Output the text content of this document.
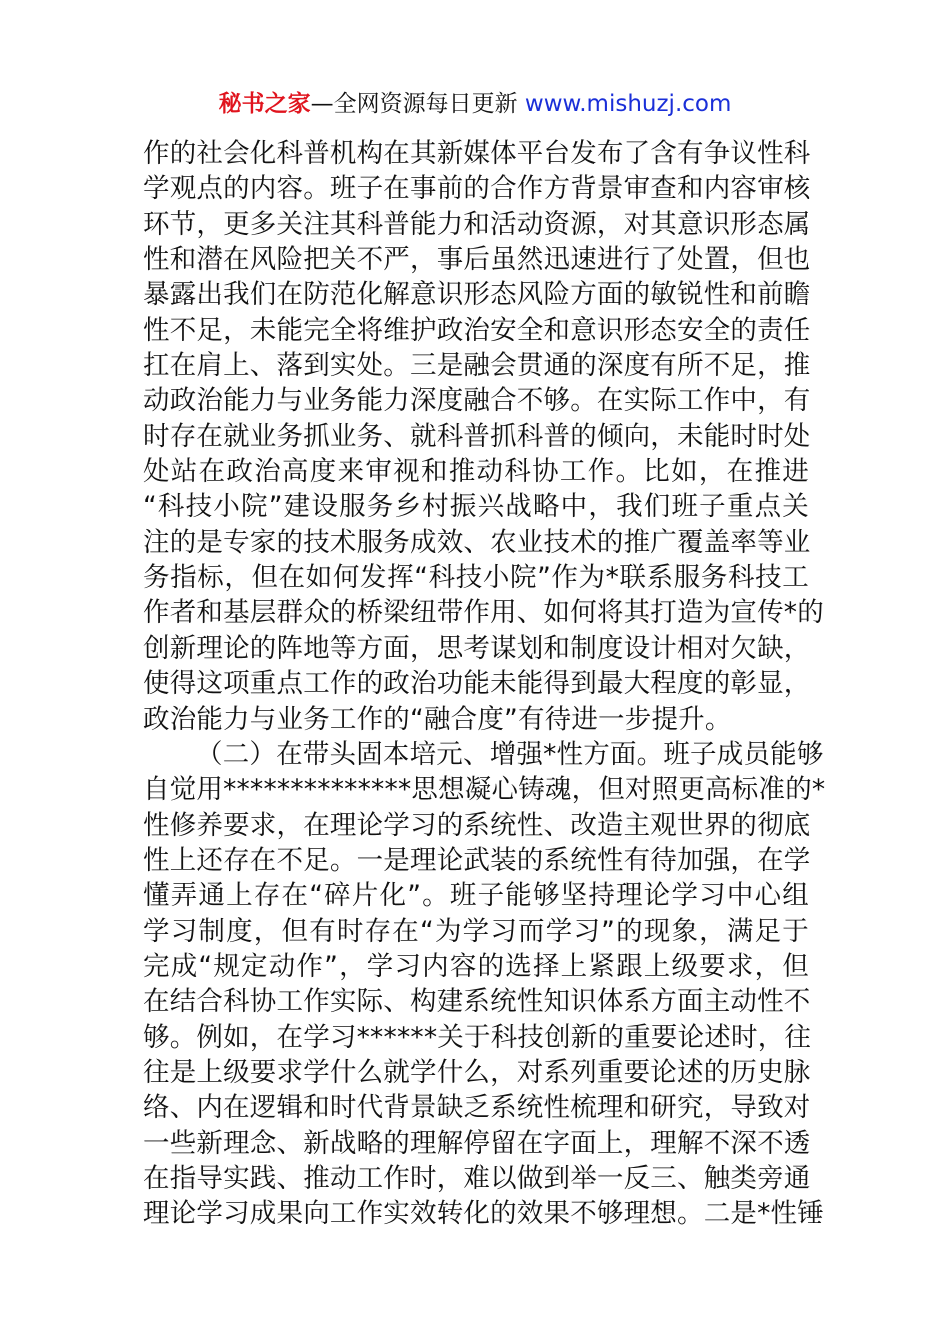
秘书之家—全网资源每日更新 www.mishuzj.com
作的社会化科普机构在其新媒体平台发布了含有争议性科
学观点的内容。班子在事前的合作方背景审查和内容审核
环节，更多关注其科普能力和活动资源，对其意识形态属
性和潜在风险把关不严，事后虽然迅速进行了处置，但也
暴露出我们在防范化解意识形态风险方面的敏锐性和前瞻
性不足，未能完全将维护政治安全和意识形态安全的责任
扛在肩上、落到实处。三是融会贯通的深度有所不足，推
动政治能力与业务能力深度融合不够。在实际工作中，有
时存在就业务抓业务、就科普抓科普的倾向，未能时时处
处站在政治高度来审视和推动科协工作。比如，在推进
“科技小院”建设服务乡村振兴战略中，我们班子重点关
注的是专家的技术服务成效、农业技术的推广覆盖率等业
务指标，但在如何发挥“科技小院”作为*联系服务科技工
作者和基层群众的桥梁纽带作用、如何将其打造为宣传*的
创新理论的阵地等方面，思考谋划和制度设计相对欠缺，
使得这项重点工作的政治功能未能得到最大程度的彰显，
政治能力与业务工作的“融合度”有待进一步提升。
（二）在带头固本培元、增强*性方面。班子成员能够
自觉用**************思想凝心铸魂，但对照更高标准的*
性修养要求，在理论学习的系统性、改造主观世界的彻底
性上还存在不足。一是理论武装的系统性有待加强，在学
懂弄通上存在“碎片化”。班子能够坚持理论学习中心组
学习制度，但有时存在“为学习而学习”的现象，满足于
完成“规定动作”，学习内容的选择上紧跟上级要求，但
在结合科协工作实际、构建系统性知识体系方面主动性不
够。例如，在学习******关于科技创新的重要论述时，往
往是上级要求学什么就学什么，对系列重要论述的历史脉
络、内在逻辑和时代背景缺乏系统性梳理和研究，导致对
一些新理念、新战略的理解停留在字面上，理解不深不透
在指导实践、推动工作时，难以做到举一反三、触类旁通
理论学习成果向工作实效转化的效果不够理想。二是*性锤
